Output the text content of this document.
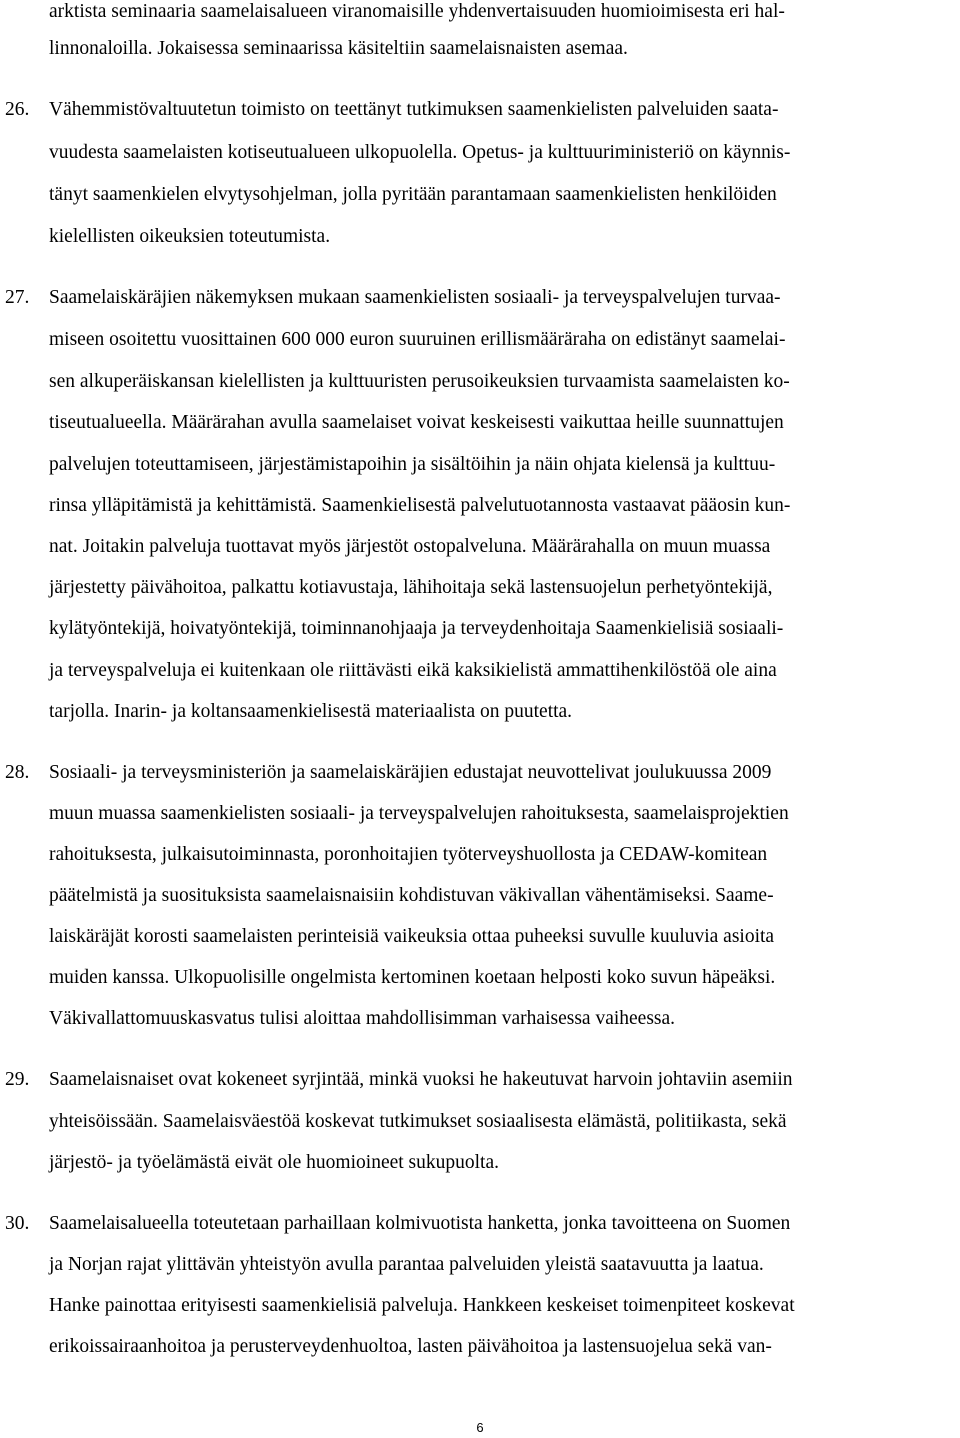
arktista seminaaria saamelaisalueen viranomaisille yhdenvertaisuuden huomioimisesta eri hal-
linnonaloilla. Jokaisessa seminaarissa käsiteltiin saamelaisnaisten asemaa.
26. Vähemmistövaltuutetun toimisto on teettänyt tutkimuksen saamenkielisten palveluiden saata-
vuudesta saamelaisten kotiseutualueen ulkopuolella. Opetus- ja kulttuuriministeriö on käynnis-
tänyt saamenkielen elvytysohjelman, jolla pyritään parantamaan saamenkielisten henkilöiden
kielellisten oikeuksien toteutumista.
27. Saamelaiskäräjien näkemyksen mukaan saamenkielisten sosiaali- ja terveyspalvelujen turvaa-
miseen osoitettu vuosittainen 600 000 euron suuruinen erillismääräraha on edistänyt saamelai-
sen alkuperäiskansan kielellisten ja kulttuuristen perusoikeuksien turvaamista saamelaisten ko-
tiseutualueella. Määrärahan avulla saamelaiset voivat keskeisesti vaikuttaa heille suunnattujen
palvelujen toteuttamiseen, järjestämistapoihin ja sisältöihin ja näin ohjata kielensä ja kulttuu-
rinsa ylläpitämistä ja kehittämistä. Saamenkielisestä palvelutuotannosta vastaavat pääosin kun-
nat. Joitakin palveluja tuottavat myös järjestöt ostopalveluna. Määrärahalla on muun muassa
järjestetty päivähoitoa, palkattu kotiavustaja, lähihoitaja sekä lastensuojelun perhetyöntekijä,
kylätyöntekijä, hoivatyöntekijä, toiminnanohjaaja ja terveydenhoitaja Saamenkielisiä sosiaali-
ja terveyspalveluja ei kuitenkaan ole riittävästi eikä kaksikielistä ammattihenkilöstöä ole aina
tarjolla. Inarin- ja koltansaamenkielisestä materiaalista on puutetta.
28. Sosiaali- ja terveysministeriön ja saamelaiskäräjien edustajat neuvottelivat joulukuussa 2009
muun muassa saamenkielisten sosiaali- ja terveyspalvelujen rahoituksesta, saamelaisprojektien
rahoituksesta, julkaisutoiminnasta, poronhoitajien työterveyshuollosta ja CEDAW-komitean
päätelmistä ja suosituksista saamelaisnaisiin kohdistuvan väkivallan vähentämiseksi. Saame-
laiskäräjät korosti saamelaisten perinteisiä vaikeuksia ottaa puheeksi suvulle kuuluvia asioita
muiden kanssa. Ulkopuolisille ongelmista kertominen koetaan helposti koko suvun häpeäksi.
Väkivallattomuuskasvatus tulisi aloittaa mahdollisimman varhaisessa vaiheessa.
29. Saamelaisnaiset ovat kokeneet syrjintää, minkä vuoksi he hakeutuvat harvoin johtaviin asemiin
yhteisöissään. Saamelaisväestöä koskevat tutkimukset sosiaalisesta elämästä, politiikasta, sekä
järjestö- ja työelämästä eivät ole huomioineet sukupuolta.
30. Saamelaisalueella toteutetaan parhaillaan kolmivuotista hanketta, jonka tavoitteena on Suomen
ja Norjan rajat ylittävän yhteistyön avulla parantaa palveluiden yleistä saatavuutta ja laatua.
Hanke painottaa erityisesti saamenkielisiä palveluja. Hankkeen keskeiset toimenpiteet koskevat
erikoissairaanhoitoa ja perusterveydenhuoltoa, lasten päivähoitoa ja lastensuojelua sekä van-
6
